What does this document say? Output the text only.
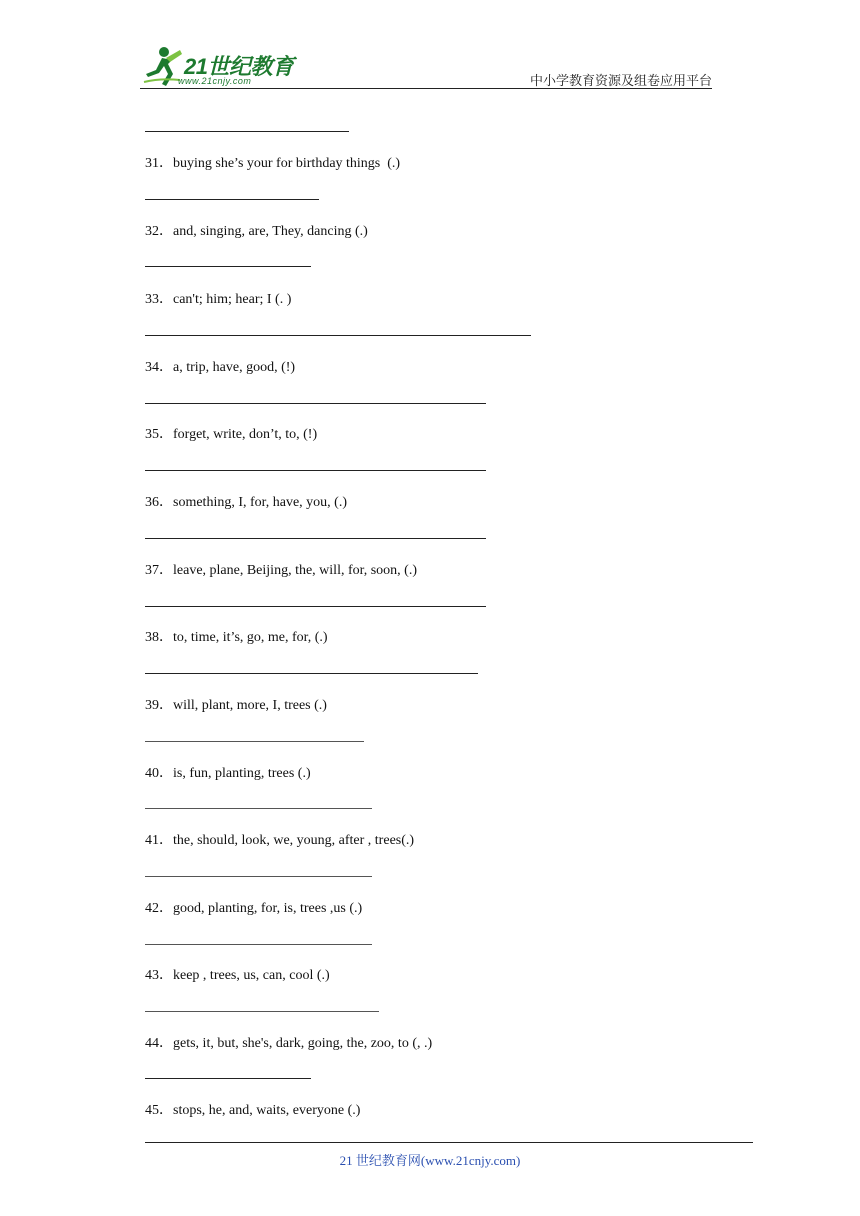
21世纪教育
www.21cnjy.com	中小学教育资源及组卷应用平台
31．buying she’s your for birthday things  (.)
32．and, singing, are, They, dancing (.)
33．can't; him; hear; I (. )
34．a, trip, have, good, (!)
35．forget, write, don’t, to, (!)
36．something, I, for, have, you, (.)
37．leave, plane, Beijing, the, will, for, soon, (.)
38．to, time, it’s, go, me, for, (.)
39．will, plant, more, I, trees (.)
40．is, fun, planting, trees (.)
41．the, should, look, we, young, after , trees(.)
42．good, planting, for, is, trees ,us (.)
43．keep , trees, us, can, cool (.)
44．gets, it, but, she's, dark, going, the, zoo, to (, .)
45．stops, he, and, waits, everyone (.)
21 世纪教育网(www.21cnjy.com)
